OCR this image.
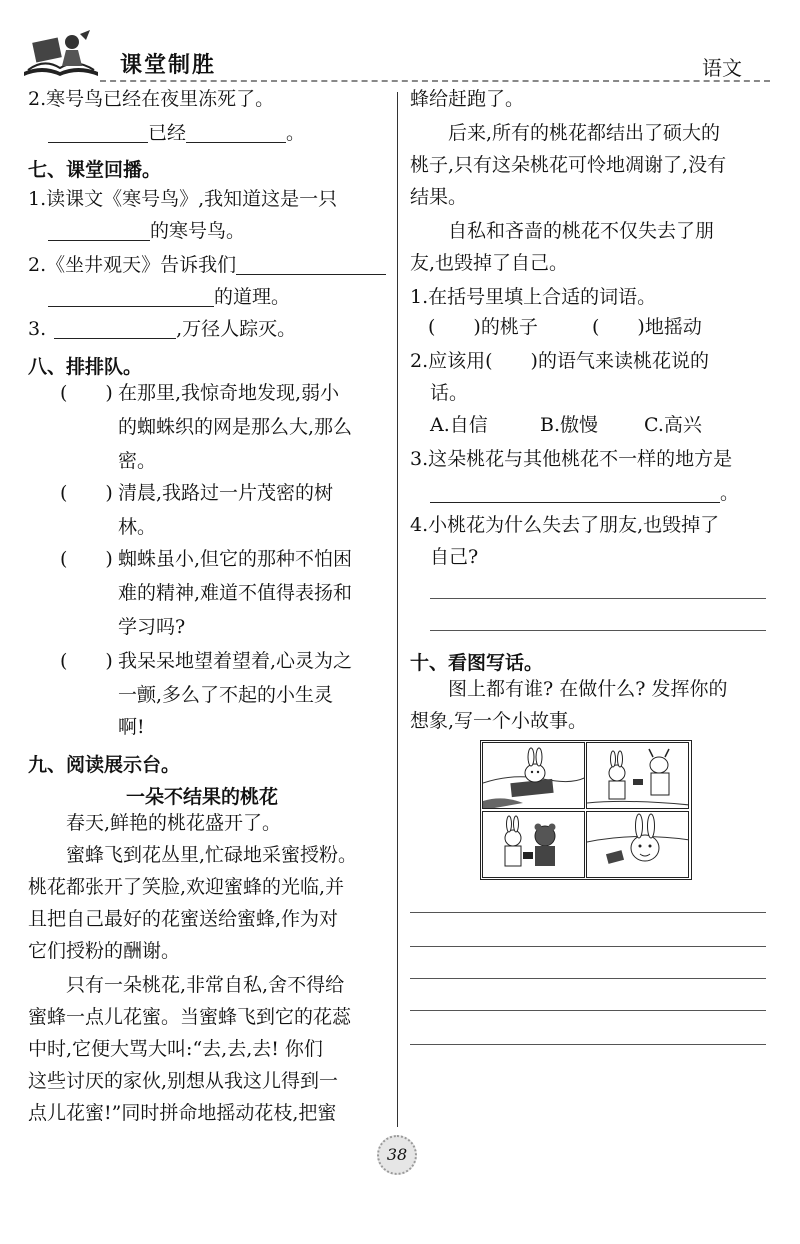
课堂制胜	语文
2.寒号鸟已经在夜里冻死了。
已经	。
七、课堂回播。
1.读课文《寒号鸟》,我知道这是一只
的寒号鸟。
2.《坐井观天》告诉我们
的道理。
3.	,万径人踪灭。
八、排排队。
(　　) 在那里,我惊奇地发现,弱小
的蜘蛛织的网是那么大,那么
密。
(　　) 清晨,我路过一片茂密的树
林。
(　　) 蜘蛛虽小,但它的那种不怕困
难的精神,难道不值得表扬和
学习吗?
(　　) 我呆呆地望着望着,心灵为之
一颤,多么了不起的小生灵
啊!
九、阅读展示台。
一朵不结果的桃花
春天,鲜艳的桃花盛开了。
蜜蜂飞到花丛里,忙碌地采蜜授粉。
桃花都张开了笑脸,欢迎蜜蜂的光临,并
且把自己最好的花蜜送给蜜蜂,作为对
它们授粉的酬谢。
只有一朵桃花,非常自私,舍不得给
蜜蜂一点儿花蜜。当蜜蜂飞到它的花蕊
中时,它便大骂大叫:“去,去,去! 你们
这些讨厌的家伙,别想从我这儿得到一
点儿花蜜!”同时拼命地摇动花枝,把蜜
蜂给赶跑了。
后来,所有的桃花都结出了硕大的
桃子,只有这朵桃花可怜地凋谢了,没有
结果。
自私和吝啬的桃花不仅失去了朋
友,也毁掉了自己。
1.在括号里填上合适的词语。
(　　)的桃子	(　　)地摇动
2.应该用(　　)的语气来读桃花说的
话。
A.自信	B.傲慢 C.高兴
3.这朵桃花与其他桃花不一样的地方是
。
4.小桃花为什么失去了朋友,也毁掉了
自己?
十、看图写话。
图上都有谁? 在做什么? 发挥你的
想象,写一个小故事。
38
